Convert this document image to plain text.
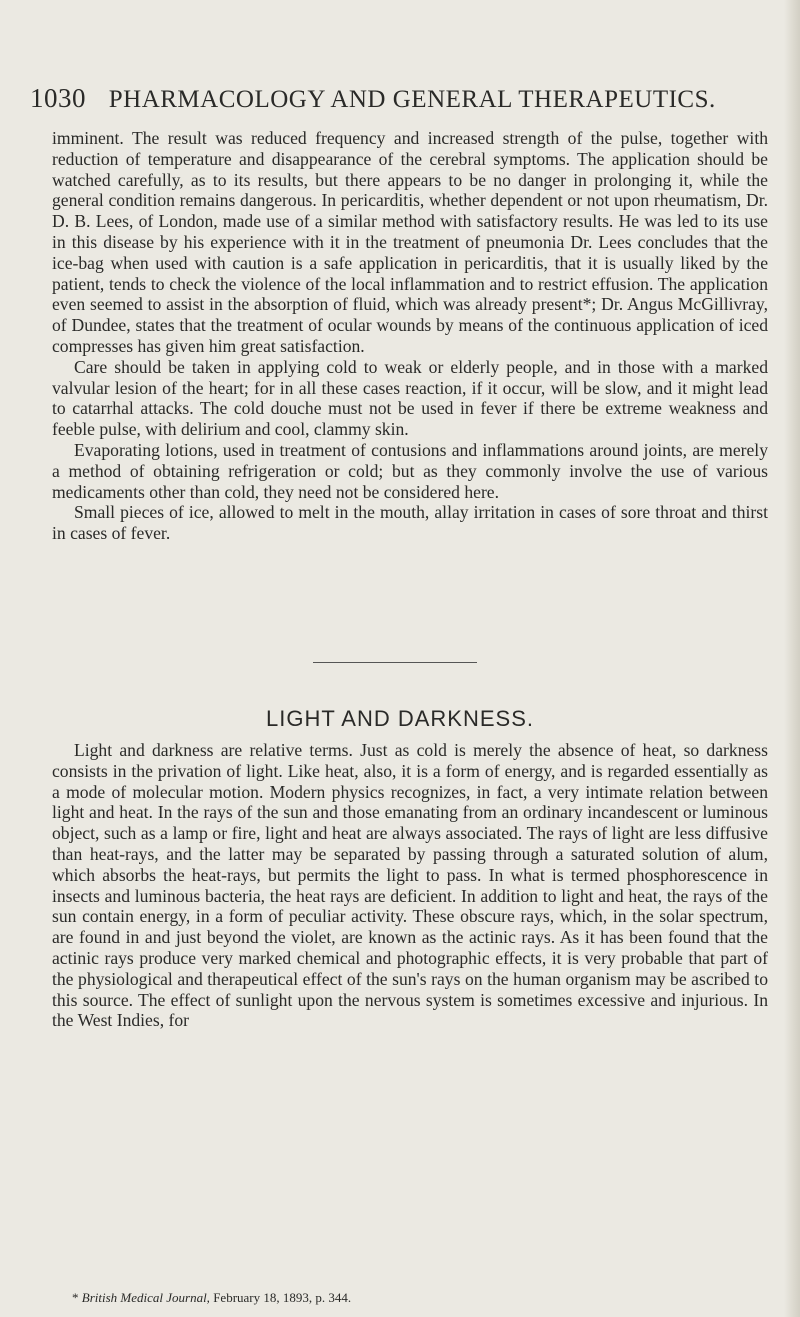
1030 PHARMACOLOGY AND GENERAL THERAPEUTICS.

imminent. The result was reduced frequency and increased strength of the pulse, together with reduction of temperature and disappearance of the cerebral symptoms. The application should be watched carefully, as to its results, but there appears to be no danger in prolonging it, while the general condition remains dangerous. In pericarditis, whether dependent or not upon rheumatism, Dr. D. B. Lees, of London, made use of a similar method with satisfactory results. He was led to its use in this disease by his experience with it in the treatment of pneumonia Dr. Lees concludes that the ice-bag when used with caution is a safe application in pericarditis, that it is usually liked by the patient, tends to check the violence of the local inflammation and to restrict effusion. The application even seemed to assist in the absorption of fluid, which was already present*; Dr. Angus McGillivray, of Dundee, states that the treatment of ocular wounds by means of the continuous application of iced compresses has given him great satisfaction.

Care should be taken in applying cold to weak or elderly people, and in those with a marked valvular lesion of the heart; for in all these cases reaction, if it occur, will be slow, and it might lead to catarrhal attacks. The cold douche must not be used in fever if there be extreme weakness and feeble pulse, with delirium and cool, clammy skin.

Evaporating lotions, used in treatment of contusions and inflammations around joints, are merely a method of obtaining refrigeration or cold; but as they commonly involve the use of various medicaments other than cold, they need not be considered here.

Small pieces of ice, allowed to melt in the mouth, allay irritation in cases of sore throat and thirst in cases of fever.

LIGHT AND DARKNESS.

Light and darkness are relative terms. Just as cold is merely the absence of heat, so darkness consists in the privation of light. Like heat, also, it is a form of energy, and is regarded essentially as a mode of molecular motion. Modern physics recognizes, in fact, a very intimate relation between light and heat. In the rays of the sun and those emanating from an ordinary incandescent or luminous object, such as a lamp or fire, light and heat are always associated. The rays of light are less diffusive than heat-rays, and the latter may be separated by passing through a saturated solution of alum, which absorbs the heat-rays, but permits the light to pass. In what is termed phosphorescence in insects and luminous bacteria, the heat rays are deficient. In addition to light and heat, the rays of the sun contain energy, in a form of peculiar activity. These obscure rays, which, in the solar spectrum, are found in and just beyond the violet, are known as the actinic rays. As it has been found that the actinic rays produce very marked chemical and photographic effects, it is very probable that part of the physiological and therapeutical effect of the sun's rays on the human organism may be ascribed to this source. The effect of sunlight upon the nervous system is sometimes excessive and injurious. In the West Indies, for

* British Medical Journal, February 18, 1893, p. 344.
